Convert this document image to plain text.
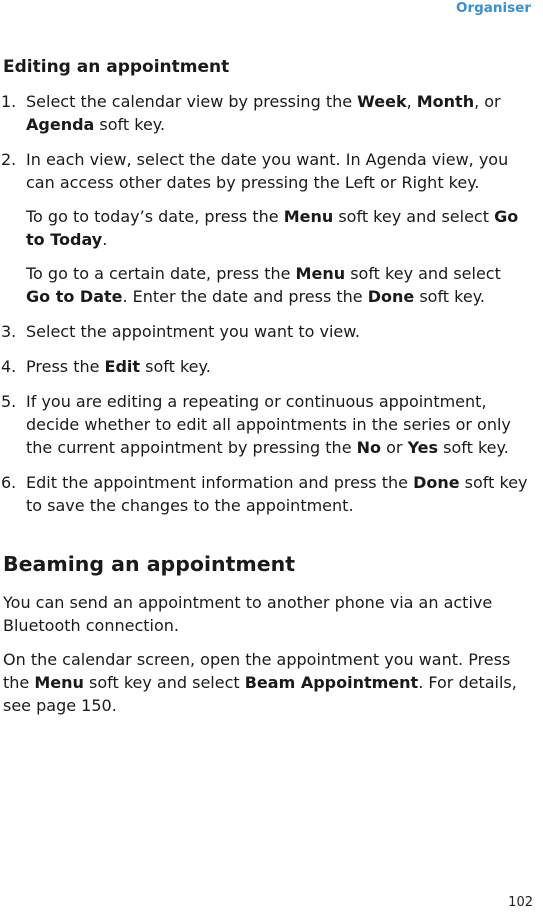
Organiser
Editing an appointment
1. Select the calendar view by pressing the Week, Month, or Agenda soft key.
2. In each view, select the date you want. In Agenda view, you can access other dates by pressing the Left or Right key.
To go to today’s date, press the Menu soft key and select Go to Today.
To go to a certain date, press the Menu soft key and select Go to Date. Enter the date and press the Done soft key.
3. Select the appointment you want to view.
4. Press the Edit soft key.
5. If you are editing a repeating or continuous appointment, decide whether to edit all appointments in the series or only the current appointment by pressing the No or Yes soft key.
6. Edit the appointment information and press the Done soft key to save the changes to the appointment.
Beaming an appointment

You can send an appointment to another phone via an active Bluetooth connection.

On the calendar screen, open the appointment you want. Press the Menu soft key and select Beam Appointment. For details, see page 150.

102
